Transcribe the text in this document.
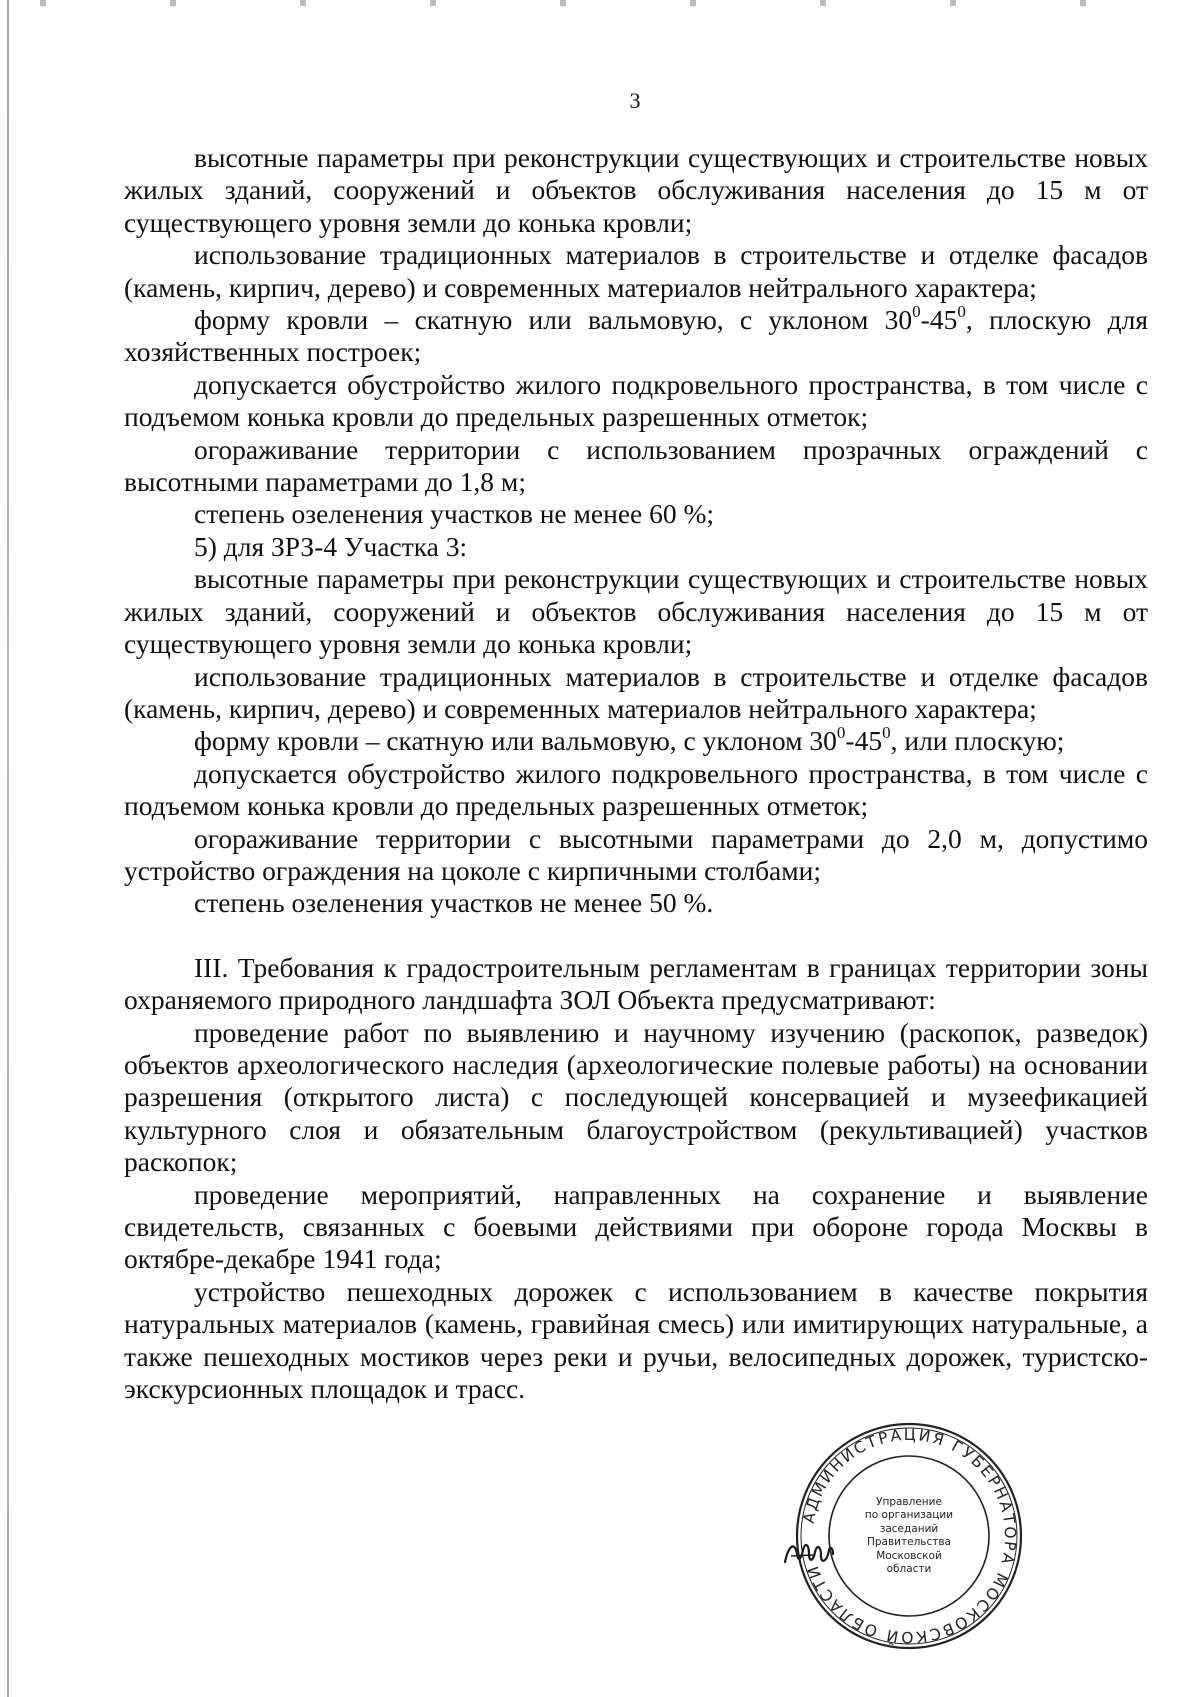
3

высотные параметры при реконструкции существующих и строительстве новых жилых зданий, сооружений и объектов обслуживания населения до 15 м от существующего уровня земли до конька кровли;

использование традиционных материалов в строительстве и отделке фасадов (камень, кирпич, дерево) и современных материалов нейтрального характера;

форму кровли – скатную или вальмовую, с уклоном $30^0-45^0$, плоскую для хозяйственных построек;

допускается обустройство жилого подкровельного пространства, в том числе с подъемом конька кровли до предельных разрешенных отметок;

огораживание территории с использованием прозрачных ограждений с высотными параметрами до 1,8 м;

степень озеленения участков не менее 60 %;

5) для ЗРЗ-4 Участка 3:

высотные параметры при реконструкции существующих и строительстве новых жилых зданий, сооружений и объектов обслуживания населения до 15 м от существующего уровня земли до конька кровли;

использование традиционных материалов в строительстве и отделке фасадов (камень, кирпич, дерево) и современных материалов нейтрального характера;

форму кровли – скатную или вальмовую, с уклоном $30^0-45^0$, или плоскую;

допускается обустройство жилого подкровельного пространства, в том числе с подъемом конька кровли до предельных разрешенных отметок;

огораживание территории с высотными параметрами до 2,0 м, допустимо устройство ограждения на цоколе с кирпичными столбами;

степень озеленения участков не менее 50 %.

III. Требования к градостроительным регламентам в границах территории зоны охраняемого природного ландшафта ЗОЛ Объекта предусматривают:

проведение работ по выявлению и научному изучению (раскопок, разведок) объектов археологического наследия (археологические полевые работы) на основании разрешения (открытого листа) с последующей консервацией и музеефикацией культурного слоя и обязательным благоустройством (рекультивацией) участков раскопок;

проведение мероприятий, направленных на сохранение и выявление свидетельств, связанных с боевыми действиями при обороне города Москвы в октябре-декабре 1941 года;

устройство пешеходных дорожек с использованием в качестве покрытия натуральных материалов (камень, гравийная смесь) или имитирующих натуральные, а также пешеходных мостиков через реки и ручьи, велосипедных дорожек, туристско-экскурсионных площадок и трасс.

АДМИНИСТРАЦИЯ ГУБЕРНАТОРА МОСКОВСКОЙ ОБЛАСТИ
Управление
по организации
заседаний
Правительства
Московской
области
